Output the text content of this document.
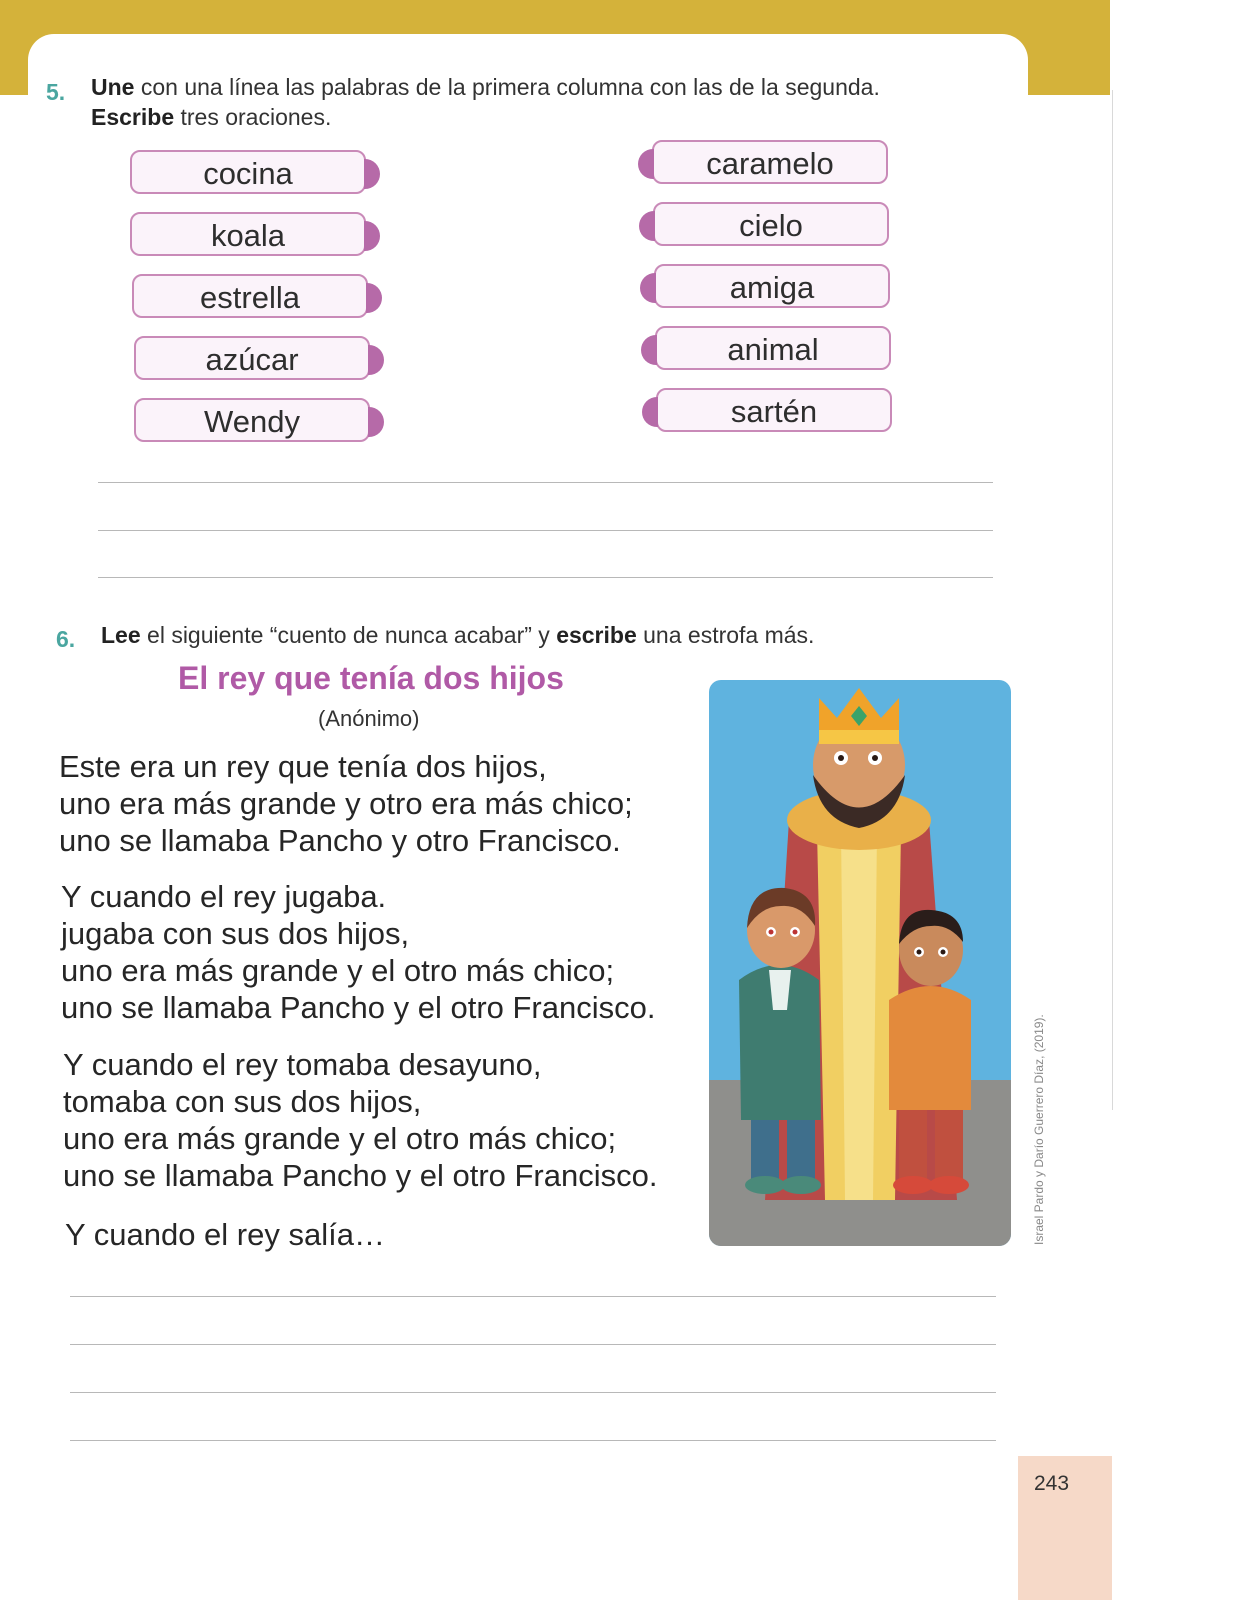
5. Une con una línea las palabras de la primera columna con las de la segunda.
Escribe tres oraciones.
cocina
koala
estrella
azúcar
Wendy
caramelo
cielo
amiga
animal
sartén
6. Lee el siguiente “cuento de nunca acabar” y escribe una estrofa más.
El rey que tenía dos hijos
(Anónimo)
Este era un rey que tenía dos hijos,
uno era más grande y otro era más chico;
uno se llamaba Pancho y otro Francisco.
Y cuando el rey jugaba.
jugaba con sus dos hijos,
uno era más grande y el otro más chico;
uno se llamaba Pancho y el otro Francisco.
Y cuando el rey tomaba desayuno,
tomaba con sus dos hijos,
uno era más grande y el otro más chico;
uno se llamaba Pancho y el otro Francisco.
Y cuando el rey salía…	Israel Pardo y Darío Guerrero Díaz, (2019).
243
